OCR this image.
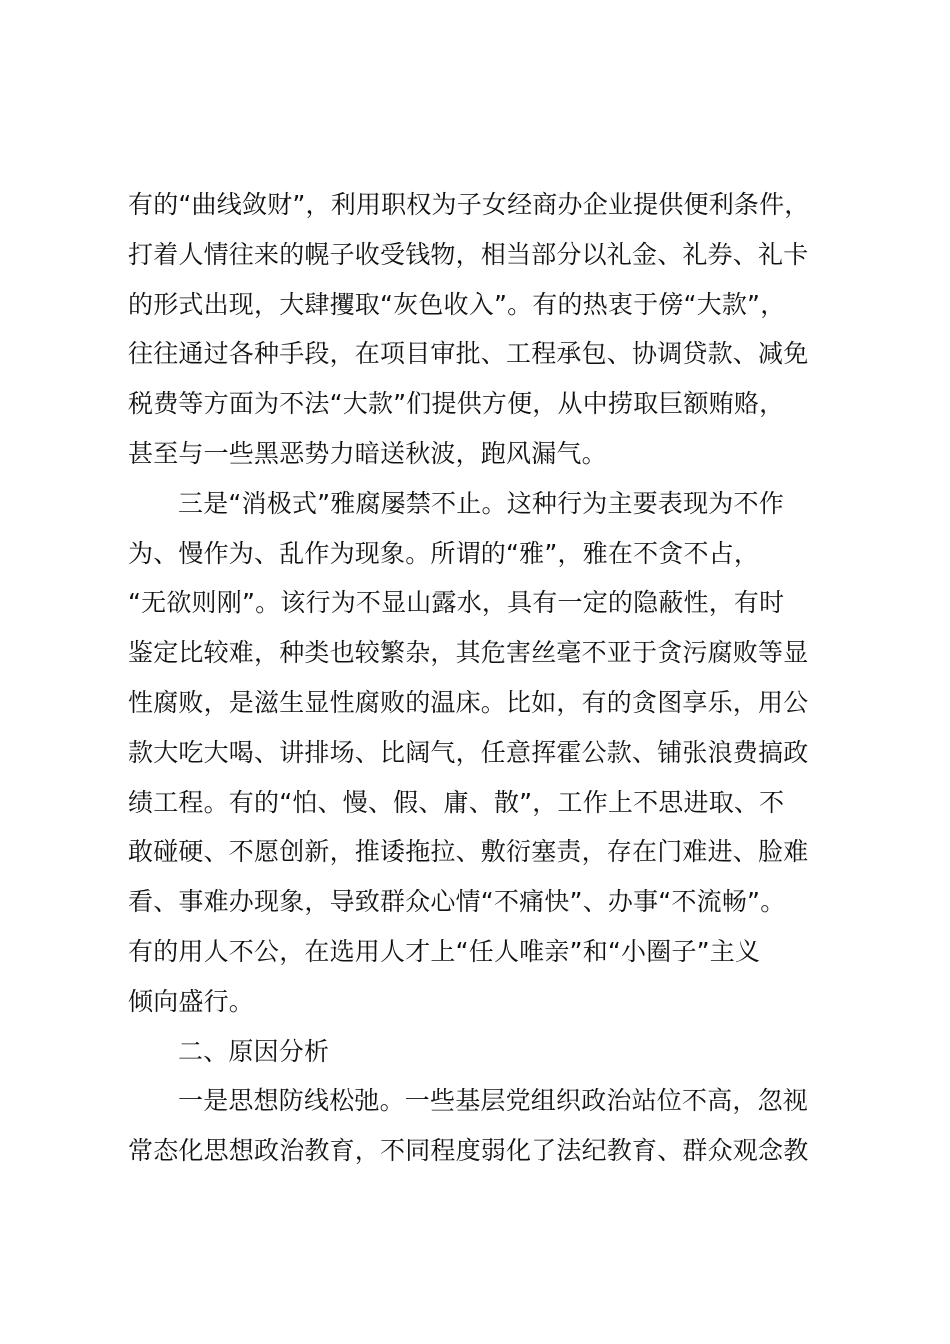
有的“曲线敛财”，利用职权为子女经商办企业提供便利条件，
打着人情往来的幌子收受钱物，相当部分以礼金、礼券、礼卡
的形式出现，大肆攫取“灰色收入”。有的热衷于傍“大款”，
往往通过各种手段，在项目审批、工程承包、协调贷款、减免
税费等方面为不法“大款”们提供方便，从中捞取巨额贿赂，
甚至与一些黑恶势力暗送秋波，跑风漏气。
三是“消极式”雅腐屡禁不止。这种行为主要表现为不作
为、慢作为、乱作为现象。所谓的“雅”，雅在不贪不占，
“无欲则刚”。该行为不显山露水，具有一定的隐蔽性，有时
鉴定比较难，种类也较繁杂，其危害丝毫不亚于贪污腐败等显
性腐败，是滋生显性腐败的温床。比如，有的贪图享乐，用公
款大吃大喝、讲排场、比阔气，任意挥霍公款、铺张浪费搞政
绩工程。有的“怕、慢、假、庸、散”，工作上不思进取、不
敢碰硬、不愿创新，推诿拖拉、敷衍塞责，存在门难进、脸难
看、事难办现象，导致群众心情“不痛快”、办事“不流畅”。
有的用人不公，在选用人才上“任人唯亲”和“小圈子”主义
倾向盛行。
二、原因分析
一是思想防线松弛。一些基层党组织政治站位不高，忽视
常态化思想政治教育，不同程度弱化了法纪教育、群众观念教
